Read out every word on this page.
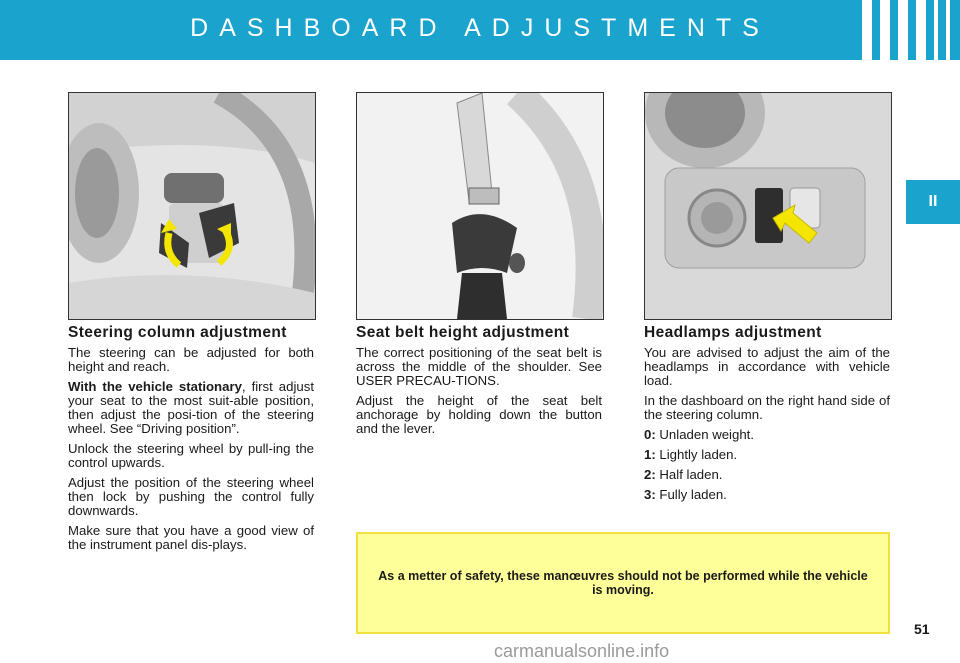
DASHBOARD ADJUSTMENTS
II
Steering column adjustment

The steering can be adjusted for both height and reach.

With the vehicle stationary, first adjust your seat to the most suit-able position, then adjust the posi-tion of the steering wheel. See “Driving position”.

Unlock the steering wheel by pull-ing the control upwards.

Adjust the position of the steering wheel then lock by pushing the control fully downwards.

Make sure that you have a good view of the instrument panel dis-plays.

Seat belt height adjustment

The correct positioning of the seat belt is across the middle of the shoulder. See USER PRECAU-TIONS.

Adjust the height of the seat belt anchorage by holding down the button and the lever.

Headlamps adjustment

You are advised to adjust the aim of the headlamps in accordance with vehicle load.

In the dashboard on the right hand side of the steering column.

0: Unladen weight.

1: Lightly laden.

2: Half laden.

3: Fully laden.

As a metter of safety, these manœuvres should not be performed while the vehicle is moving.
51
carmanualsonline.info
